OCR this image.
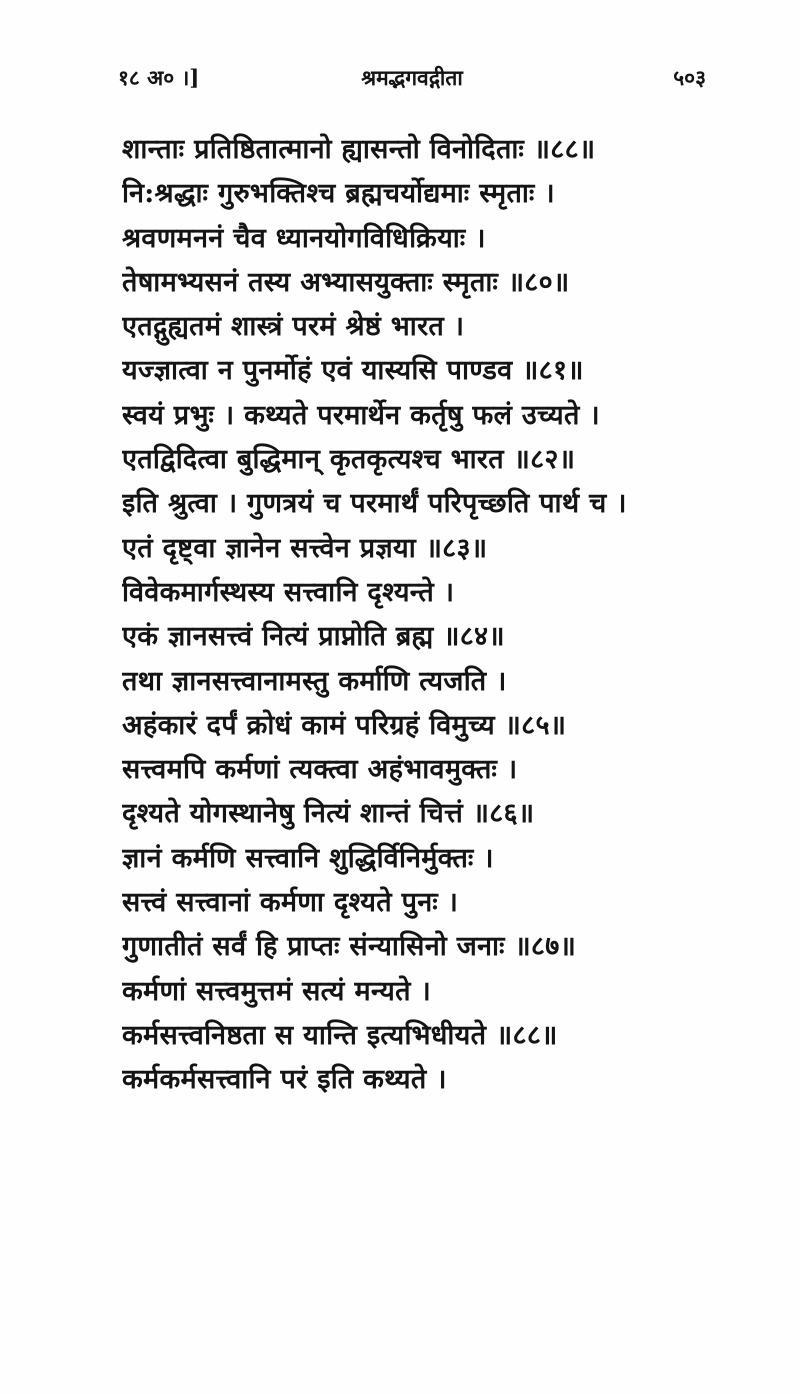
१८ अ० ।]	श्रमद्भगवद्गीता	५०३
शान्ताः प्रतिष्ठितात्मानो ह्यासन्तो विनोदिताः ॥८८॥
नि:श्रद्धाः गुरुभक्तिश्च ब्रह्मचर्योद्यमाः स्मृताः ।
श्रवणमननं चैव ध्यानयोगविधिक्रियाः ।
तेषामभ्यसनं तस्य अभ्यासयुक्ताः स्मृताः ॥८०॥
एतद्गुह्यतमं शास्त्रं परमं श्रेष्ठं भारत ।
यज्ज्ञात्वा न पुनर्मोहं एवं यास्यसि पाण्डव ॥८१॥
स्वयं प्रभुः । कथ्यते परमार्थेन कर्तृषु फलं उच्यते ।
एतद्विदित्वा बुद्धिमान् कृतकृत्यश्च भारत ॥८२॥
इति श्रुत्वा । गुणत्रयं च परमार्थं परिपृच्छति पार्थ च ।
एतं दृष्ट्वा ज्ञानेन सत्त्वेन प्रज्ञया ॥८३॥
विवेकमार्गस्थस्य सत्त्वानि दृश्यन्ते ।
एकं ज्ञानसत्त्वं नित्यं प्राप्नोति ब्रह्म ॥८४॥
तथा ज्ञानसत्त्वानामस्तु कर्माणि त्यजति ।
अहंकारं दर्पं क्रोधं कामं परिग्रहं विमुच्य ॥८५॥
सत्त्वमपि कर्मणां त्यक्त्वा अहंभावमुक्तः ।
दृश्यते योगस्थानेषु नित्यं शान्तं चित्तं ॥८६॥
ज्ञानं कर्मणि सत्त्वानि शुद्धिर्विनिर्मुक्तः ।
सत्त्वं सत्त्वानां कर्मणा दृश्यते पुनः ।
गुणातीतं सर्वं हि प्राप्तः संन्यासिनो जनाः ॥८७॥
कर्मणां सत्त्वमुत्तमं सत्यं मन्यते ।
कर्मसत्त्वनिष्ठता स यान्ति इत्यभिधीयते ॥८८॥
कर्मकर्मसत्त्वानि परं इति कथ्यते ।
